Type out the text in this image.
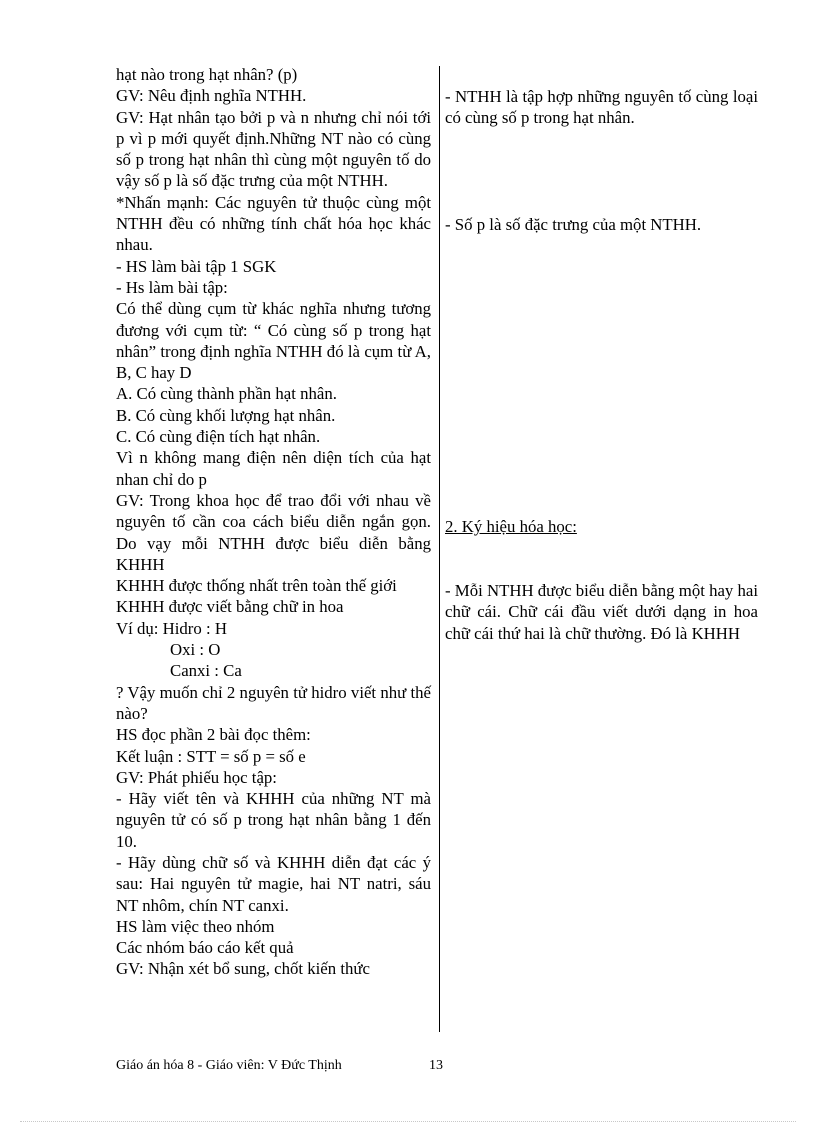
hạt nào trong hạt nhân? (p)
GV: Nêu định nghĩa NTHH.
GV: Hạt nhân tạo bởi p và n nhưng chỉ nói tới p vì p mới quyết định.Những NT nào có cùng số p trong hạt nhân thì cùng một nguyên tố do vậy số p là số đặc trưng của một NTHH.
*Nhấn mạnh: Các nguyên tử thuộc cùng một NTHH đều có những tính chất hóa học khác nhau.
- HS làm bài tập 1 SGK
- Hs làm bài tập:
Có thể dùng cụm từ khác nghĩa nhưng tương đương với cụm từ: “ Có cùng số p trong hạt nhân” trong định nghĩa NTHH đó là cụm từ A, B, C hay D
A. Có cùng thành phần hạt nhân.
B. Có cùng khối lượng hạt nhân.
C. Có cùng điện tích hạt nhân.
Vì n không mang điện nên diện tích của hạt nhan chỉ do p
GV: Trong khoa học để trao đổi với nhau về nguyên tố cần coa cách biểu diễn ngắn gọn. Do vạy mỗi NTHH được biểu diễn bằng KHHH
KHHH được thống nhất trên toàn thế giới
KHHH được viết bằng chữ in hoa
Ví dụ: Hidro : H
Oxi : O
Canxi : Ca
? Vậy muốn chỉ 2 nguyên tử hidro viết như thế nào?
HS đọc phần 2 bài đọc thêm:
Kết luận : STT = số p = số e
GV: Phát phiếu học tập:
- Hãy viết tên và KHHH của những NT mà nguyên tử có số p trong hạt nhân bằng 1 đến 10.
- Hãy dùng chữ số và KHHH diễn đạt các ý sau: Hai nguyên tử magie, hai NT natri, sáu NT nhôm, chín NT canxi.
HS làm việc theo nhóm
Các nhóm báo cáo kết quả
GV: Nhận xét bổ sung, chốt kiến thức
- NTHH là tập hợp những nguyên tố cùng loại có cùng số p trong hạt nhân.
- Số p là số đặc trưng của một NTHH.
2. Ký hiệu hóa học:
- Mỗi NTHH được biểu diễn bằng một hay hai chữ cái. Chữ cái đầu viết dưới dạng in hoa chữ cái thứ hai là chữ thường. Đó là KHHH
Giáo án hóa 8 - Giáo viên: V Đức Thịnh	13
